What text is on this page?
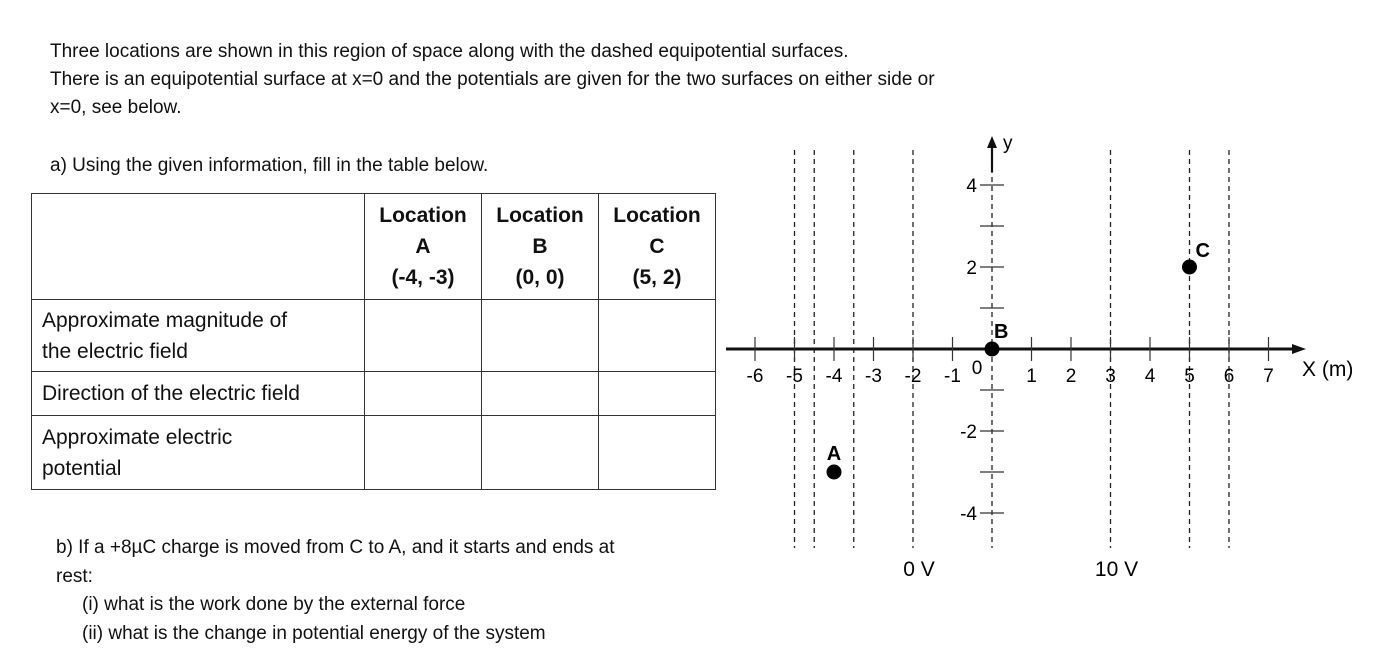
Three locations are shown in this region of space along with the dashed equipotential surfaces.
There is an equipotential surface at x=0 and the potentials are given for the two surfaces on either side or
x=0, see below.
a) Using the given information, fill in the table below.

	Location
A
(-4, -3)	Location
B
(0, 0)	Location
C
(5, 2)

Approximate magnitude of
the electric field			

Direction of the electric field			

Approximate electric
potential			

b) If a +8µC charge is moved from C to A, and it starts and ends at
rest:
(i) what is the work done by the external force
(ii) what is the change in potential energy of the system
y
X (m)
-6 -5 -4 -3 -2 -1	1 2 3 4 5 6 7
0
-4
-2
2
4
0 V	10 V
A
B
C
